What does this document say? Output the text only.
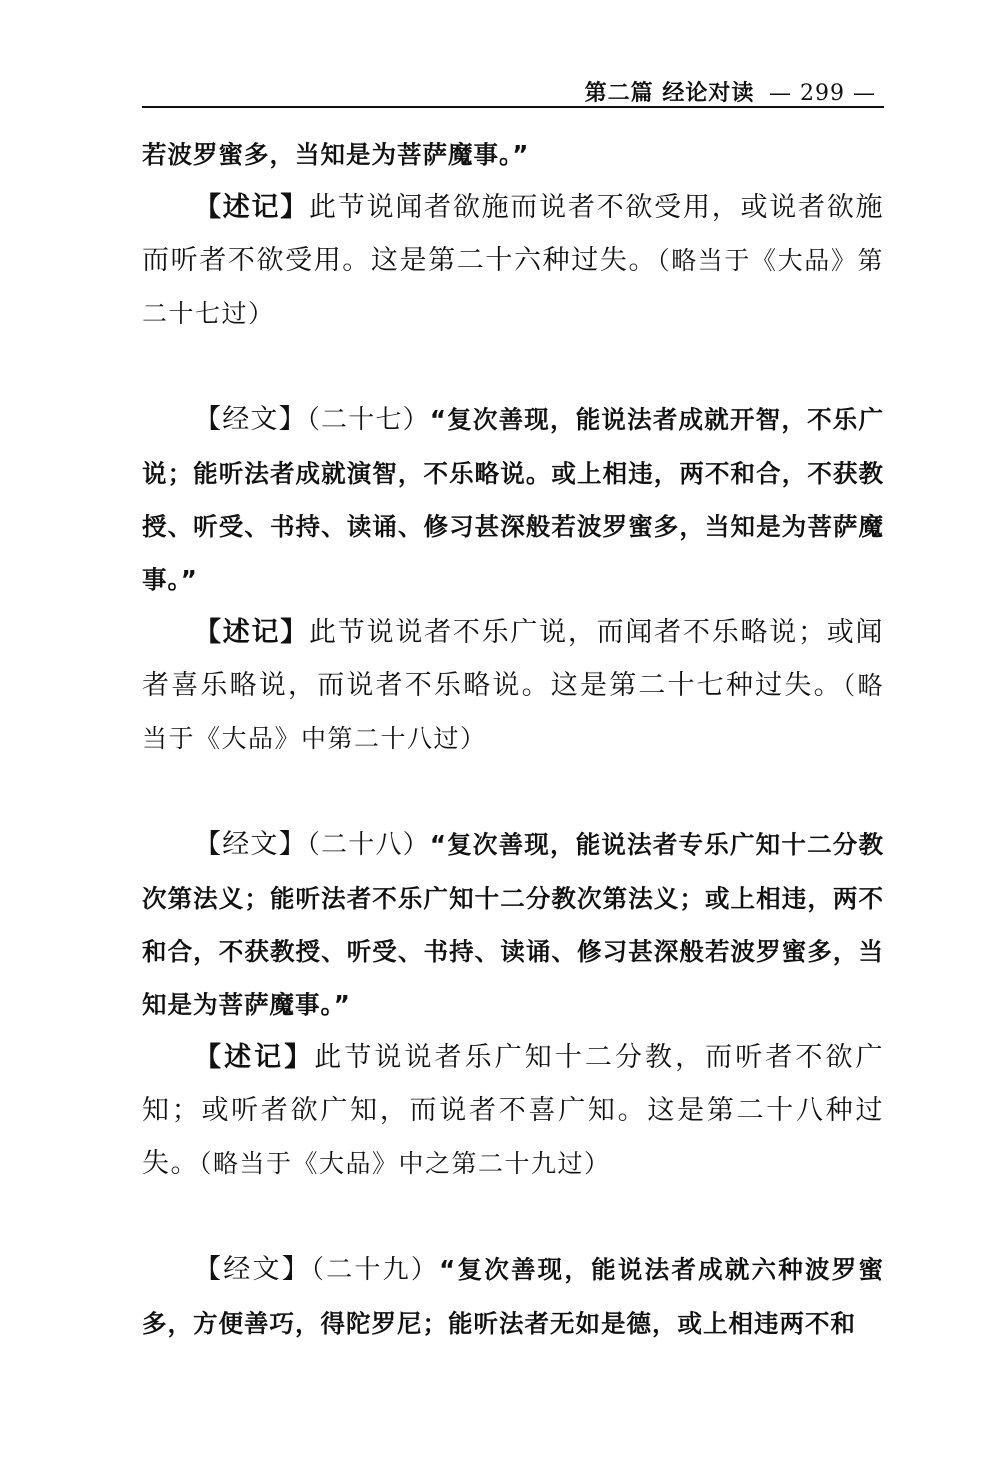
第二篇 经论对读 — 299 —

若波罗蜜多，当知是为菩萨魔事。”

【述记】此节说闻者欲施而说者不欲受用，或说者欲施而听者不欲受用。这是第二十六种过失。（略当于《大品》第二十七过）

【经文】（二十七）“复次善现，能说法者成就开智，不乐广说；能听法者成就演智，不乐略说。或上相违，两不和合，不获教授、听受、书持、读诵、修习甚深般若波罗蜜多，当知是为菩萨魔事。”

【述记】此节说说者不乐广说，而闻者不乐略说；或闻者喜乐略说，而说者不乐略说。这是第二十七种过失。（略当于《大品》中第二十八过）

【经文】（二十八）“复次善现，能说法者专乐广知十二分教次第法义；能听法者不乐广知十二分教次第法义；或上相违，两不和合，不获教授、听受、书持、读诵、修习甚深般若波罗蜜多，当知是为菩萨魔事。”

【述记】此节说说者乐广知十二分教，而听者不欲广知；或听者欲广知，而说者不喜广知。这是第二十八种过失。（略当于《大品》中之第二十九过）

【经文】（二十九）“复次善现，能说法者成就六种波罗蜜多，方便善巧，得陀罗尼；能听法者无如是德，或上相违两不和
